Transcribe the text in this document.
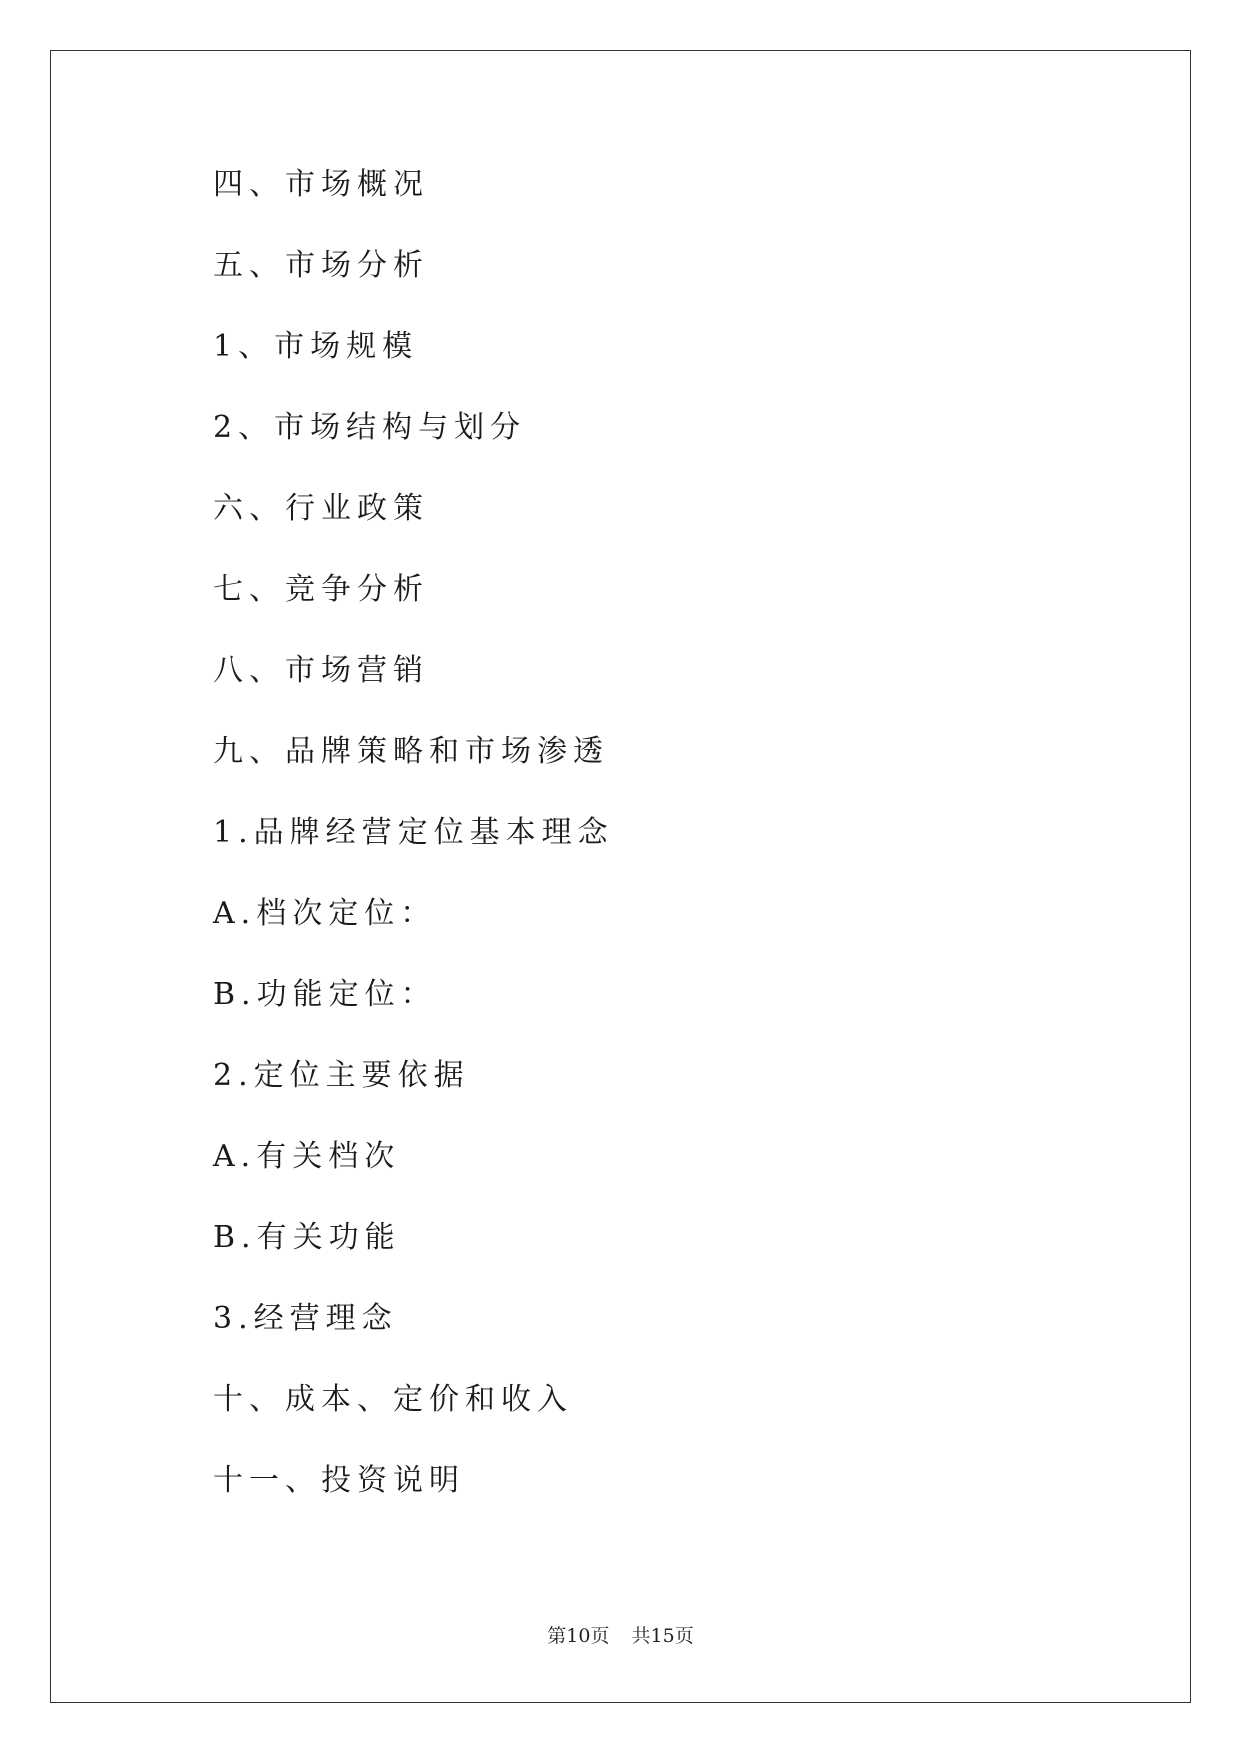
四、市场概况
五、市场分析
1、市场规模
2、市场结构与划分
六、行业政策
七、竞争分析
八、市场营销
九、品牌策略和市场渗透
1.品牌经营定位基本理念
A.档次定位：
B.功能定位：
2.定位主要依据
A.有关档次
B.有关功能
3.经营理念
十、成本、定价和收入
十一、投资说明
第10页 共15页
